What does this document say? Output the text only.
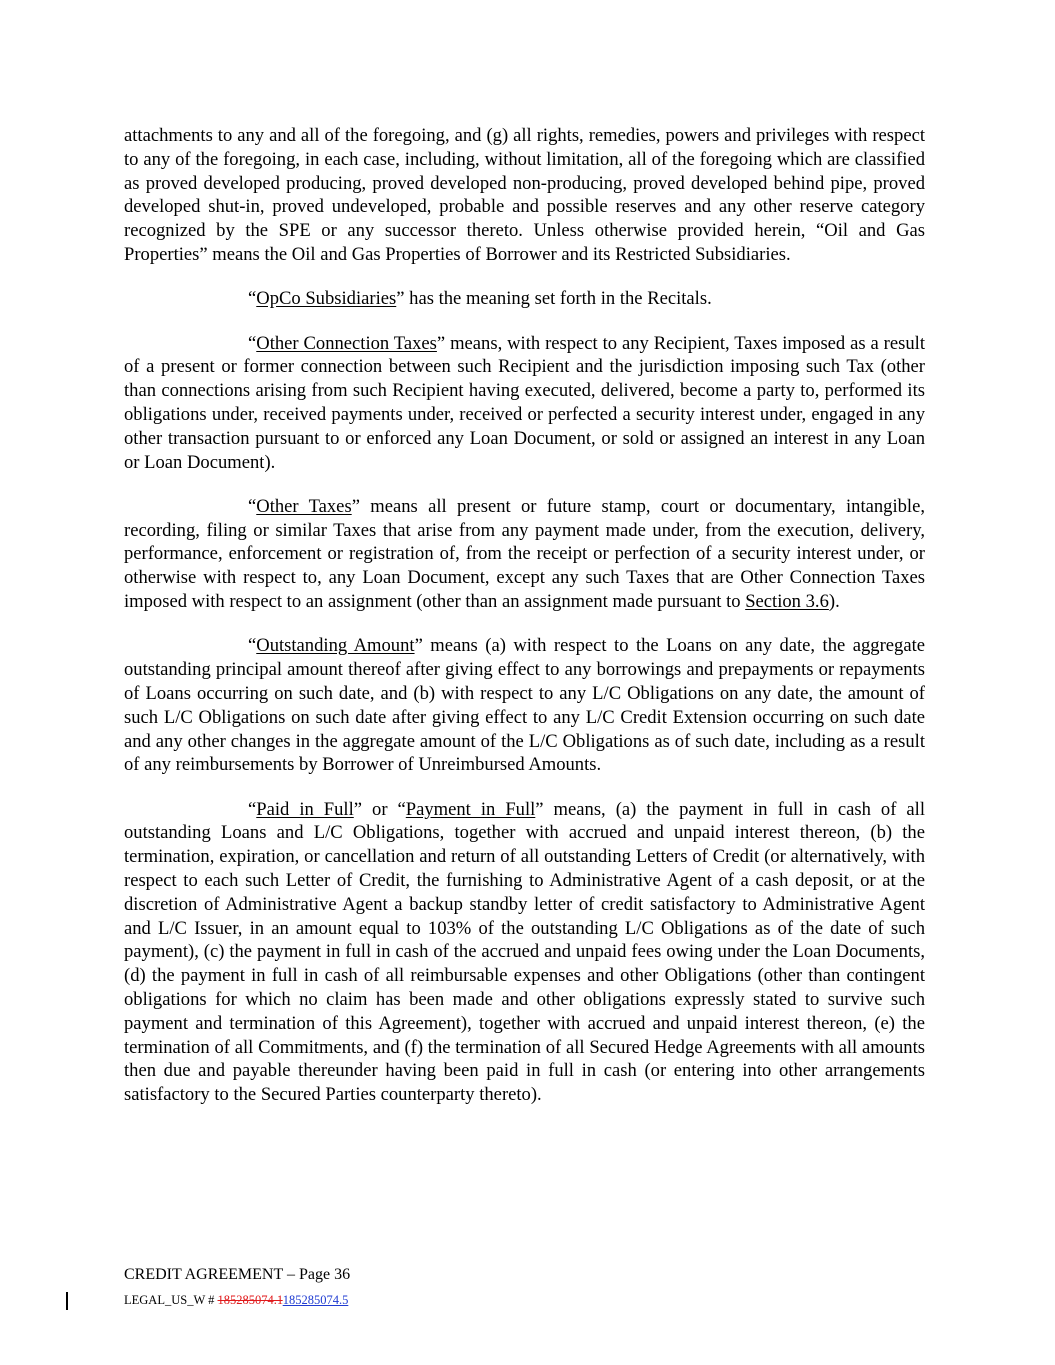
attachments to any and all of the foregoing, and (g) all rights, remedies, powers and privileges with respect to any of the foregoing, in each case, including, without limitation, all of the foregoing which are classified as proved developed producing, proved developed non-producing, proved developed behind pipe, proved developed shut-in, proved undeveloped, probable and possible reserves and any other reserve category recognized by the SPE or any successor thereto. Unless otherwise provided herein, “Oil and Gas Properties” means the Oil and Gas Properties of Borrower and its Restricted Subsidiaries.

“OpCo Subsidiaries” has the meaning set forth in the Recitals.

“Other Connection Taxes” means, with respect to any Recipient, Taxes imposed as a result of a present or former connection between such Recipient and the jurisdiction imposing such Tax (other than connections arising from such Recipient having executed, delivered, become a party to, performed its obligations under, received payments under, received or perfected a security interest under, engaged in any other transaction pursuant to or enforced any Loan Document, or sold or assigned an interest in any Loan or Loan Document).

“Other Taxes” means all present or future stamp, court or documentary, intangible, recording, filing or similar Taxes that arise from any payment made under, from the execution, delivery, performance, enforcement or registration of, from the receipt or perfection of a security interest under, or otherwise with respect to, any Loan Document, except any such Taxes that are Other Connection Taxes imposed with respect to an assignment (other than an assignment made pursuant to Section 3.6).

“Outstanding Amount” means (a) with respect to the Loans on any date, the aggregate outstanding principal amount thereof after giving effect to any borrowings and prepayments or repayments of Loans occurring on such date, and (b) with respect to any L/C Obligations on any date, the amount of such L/C Obligations on such date after giving effect to any L/C Credit Extension occurring on such date and any other changes in the aggregate amount of the L/C Obligations as of such date, including as a result of any reimbursements by Borrower of Unreimbursed Amounts.

“Paid in Full” or “Payment in Full” means, (a) the payment in full in cash of all outstanding Loans and L/C Obligations, together with accrued and unpaid interest thereon, (b) the termination, expiration, or cancellation and return of all outstanding Letters of Credit (or alternatively, with respect to each such Letter of Credit, the furnishing to Administrative Agent of a cash deposit, or at the discretion of Administrative Agent a backup standby letter of credit satisfactory to Administrative Agent and L/C Issuer, in an amount equal to 103% of the outstanding L/C Obligations as of the date of such payment), (c) the payment in full in cash of the accrued and unpaid fees owing under the Loan Documents, (d) the payment in full in cash of all reimbursable expenses and other Obligations (other than contingent obligations for which no claim has been made and other obligations expressly stated to survive such payment and termination of this Agreement), together with accrued and unpaid interest thereon, (e) the termination of all Commitments, and (f) the termination of all Secured Hedge Agreements with all amounts then due and payable thereunder having been paid in full in cash (or entering into other arrangements satisfactory to the Secured Parties counterparty thereto).

CREDIT AGREEMENT – Page 36
LEGAL_US_W # 185285074.1185285074.5
